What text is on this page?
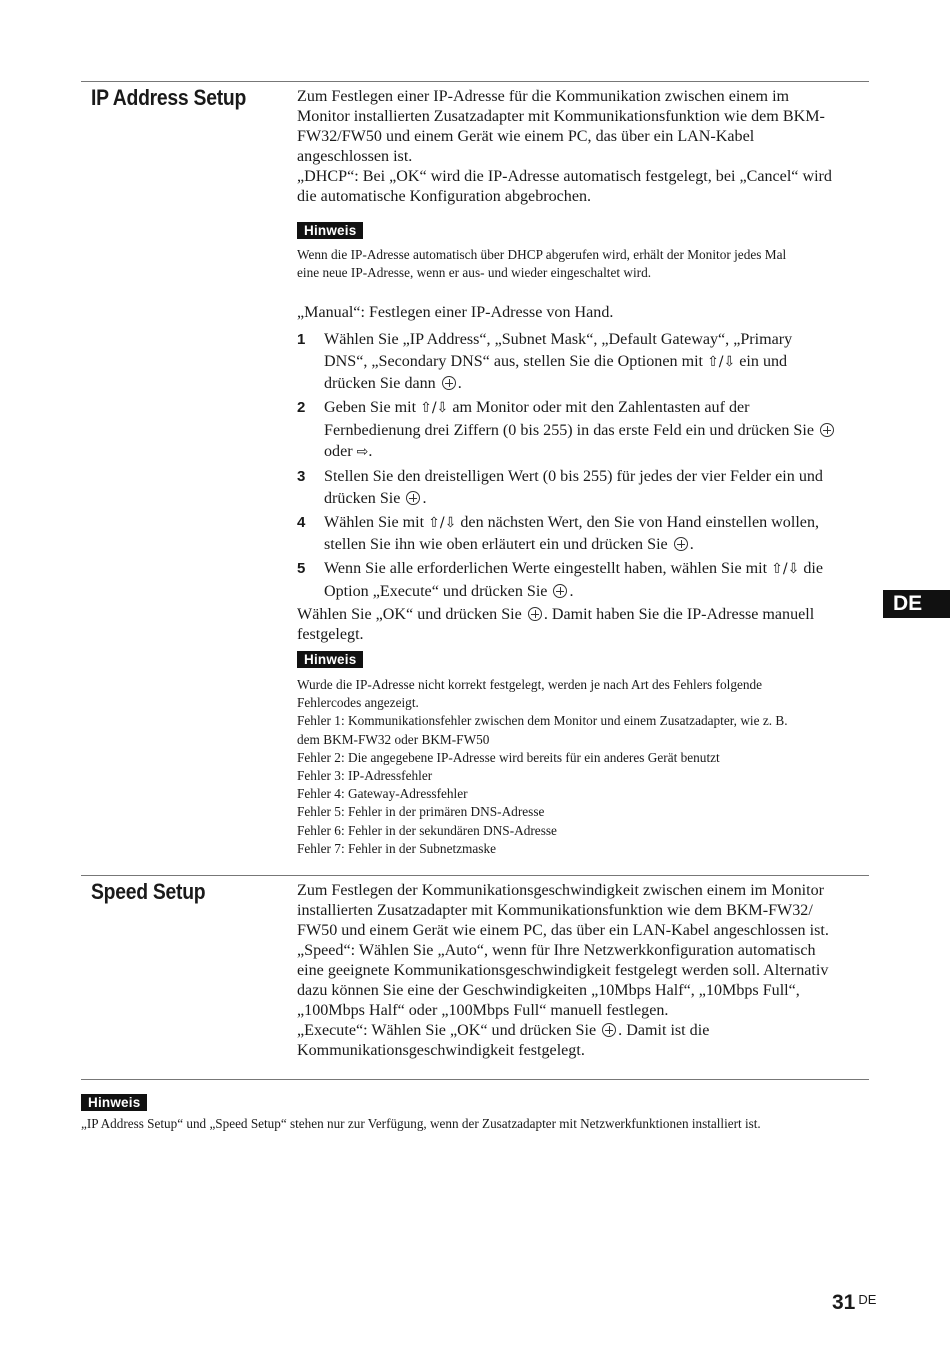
IP Address Setup	Zum Festlegen einer IP-Adresse für die Kommunikation zwischen einem im
Monitor installierten Zusatzadapter mit Kommunikationsfunktion wie dem BKM-
FW32/FW50 und einem Gerät wie einem PC, das über ein LAN-Kabel
angeschlossen ist.
„DHCP“: Bei „OK“ wird die IP-Adresse automatisch festgelegt, bei „Cancel“ wird
die automatische Konfiguration abgebrochen.

Hinweis

Wenn die IP-Adresse automatisch über DHCP abgerufen wird, erhält der Monitor jedes Mal
eine neue IP-Adresse, wenn er aus- und wieder eingeschaltet wird.

„Manual“: Festlegen einer IP-Adresse von Hand.

1 Wählen Sie „IP Address“, „Subnet Mask“, „Default Gateway“, „Primary
DNS“, „Secondary DNS“ aus, stellen Sie die Optionen mit ⇧/⇩ ein und
drücken Sie dann .
2 Geben Sie mit ⇧/⇩ am Monitor oder mit den Zahlentasten auf der
Fernbedienung drei Ziffern (0 bis 255) in das erste Feld ein und drücken Sie
oder ⇨.
3 Stellen Sie den dreistelligen Wert (0 bis 255) für jedes der vier Felder ein und
drücken Sie .
4 Wählen Sie mit ⇧/⇩ den nächsten Wert, den Sie von Hand einstellen wollen,
stellen Sie ihn wie oben erläutert ein und drücken Sie .
5 Wenn Sie alle erforderlichen Werte eingestellt haben, wählen Sie mit ⇧/⇩ die
Option „Execute“ und drücken Sie .

Wählen Sie „OK“ und drücken Sie . Damit haben Sie die IP-Adresse manuell
festgelegt.

Hinweis

Wurde die IP-Adresse nicht korrekt festgelegt, werden je nach Art des Fehlers folgende
Fehlercodes angezeigt.
Fehler 1: Kommunikationsfehler zwischen dem Monitor und einem Zusatzadapter, wie z. B.
dem BKM-FW32 oder BKM-FW50
Fehler 2: Die angegebene IP-Adresse wird bereits für ein anderes Gerät benutzt
Fehler 3: IP-Adressfehler
Fehler 4: Gateway-Adressfehler
Fehler 5: Fehler in der primären DNS-Adresse
Fehler 6: Fehler in der sekundären DNS-Adresse
Fehler 7: Fehler in der Subnetzmaske

Speed Setup	Zum Festlegen der Kommunikationsgeschwindigkeit zwischen einem im Monitor
installierten Zusatzadapter mit Kommunikationsfunktion wie dem BKM-FW32/
FW50 und einem Gerät wie einem PC, das über ein LAN-Kabel angeschlossen ist.
„Speed“: Wählen Sie „Auto“, wenn für Ihre Netzwerkkonfiguration automatisch
eine geeignete Kommunikationsgeschwindigkeit festgelegt werden soll. Alternativ
dazu können Sie eine der Geschwindigkeiten „10Mbps Half“, „10Mbps Full“,
„100Mbps Half“ oder „100Mbps Full“ manuell festlegen.
„Execute“: Wählen Sie „OK“ und drücken Sie . Damit ist die
Kommunikationsgeschwindigkeit festgelegt.

Hinweis

„IP Address Setup“ und „Speed Setup“ stehen nur zur Verfügung, wenn der Zusatzadapter mit Netzwerkfunktionen installiert ist.

DE
31 $^{DE}$
